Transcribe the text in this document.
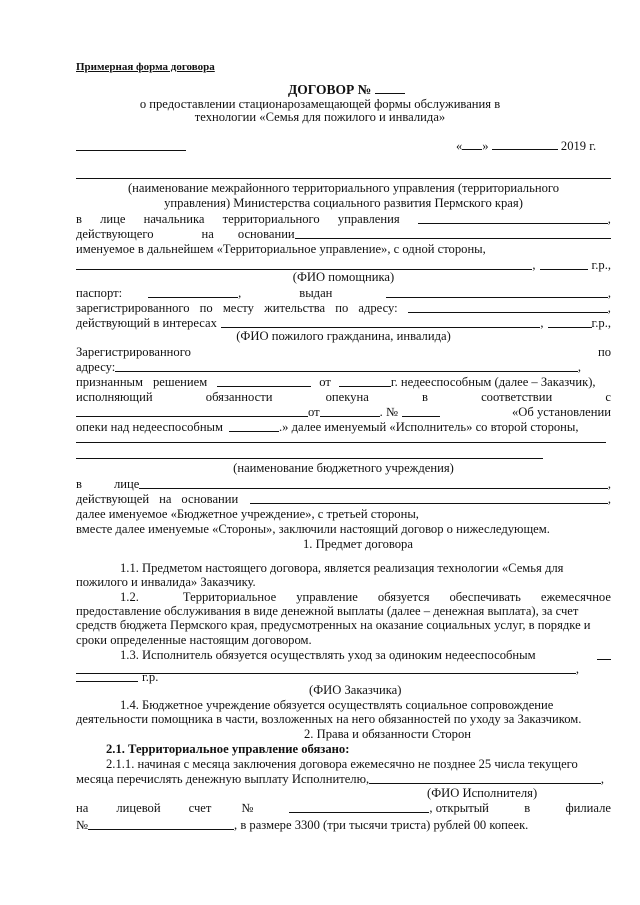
Примерная форма договора
ДОГОВОР №
о предоставлении стационарозамещающей формы обслуживания в
технологии «Семья для пожилого и инвалида»
« »	2019 г.
(наименование межрайонного территориального управления (территориального
управления) Министерства социального развития Пермского края)
в лице начальника территориального управления	,
действующего	на основании
именуемое в дальнейшем «Территориальное управление», с одной стороны,
,	г.р.,
(ФИО помощника)
паспорт:	,	выдан	,
зарегистрированного по месту жительства по адресу:	,
действующий в интересах	,	г.р.,
(ФИО пожилого гражданина, инвалида)
Зарегистрированного	по
адресу:	,
признанным решением	от	г. недееспособным (далее – Заказчик),
исполняющий	обязанности	опекуна	в	соответствии	с
от	. №	«Об установлении
опеки над недееспособным	.» далее именуемый «Исполнитель» со второй стороны,
(наименование бюджетного учреждения)
в	лице	,
действующей на основании	,
далее именуемое «Бюджетное учреждение», с третьей стороны,
вместе далее именуемые «Стороны», заключили настоящий договор о нижеследующем.
1. Предмет договора
1.1. Предметом настоящего договора, является реализация технологии «Семья для
пожилого и инвалида» Заказчику.
1.2.	Территориальное управление обязуется обеспечивать ежемесячное
предоставление обслуживания в виде денежной выплаты (далее – денежная выплата), за счет
средств бюджета Пермского края, предусмотренных на оказание социальных услуг, в порядке и
сроки определенные настоящим договором.
1.3. Исполнитель обязуется осуществлять уход за одиноким недееспособным
,
г.р.
(ФИО Заказчика)
1.4. Бюджетное учреждение обязуется осуществлять социальное сопровождение
деятельности помощника в части, возложенных на него обязанностей по уходу за Заказчиком.
2. Права и обязанности Сторон
2.1. Территориальное управление обязано:
2.1.1. начиная с месяца заключения договора ежемесячно не позднее 25 числа текущего
месяца перечислять денежную выплату Исполнителю,	,
(ФИО Исполнителя)
на лицевой счет №	, открытый	в	филиале
№	, в размере 3300 (три тысячи триста) рублей 00 копеек.
